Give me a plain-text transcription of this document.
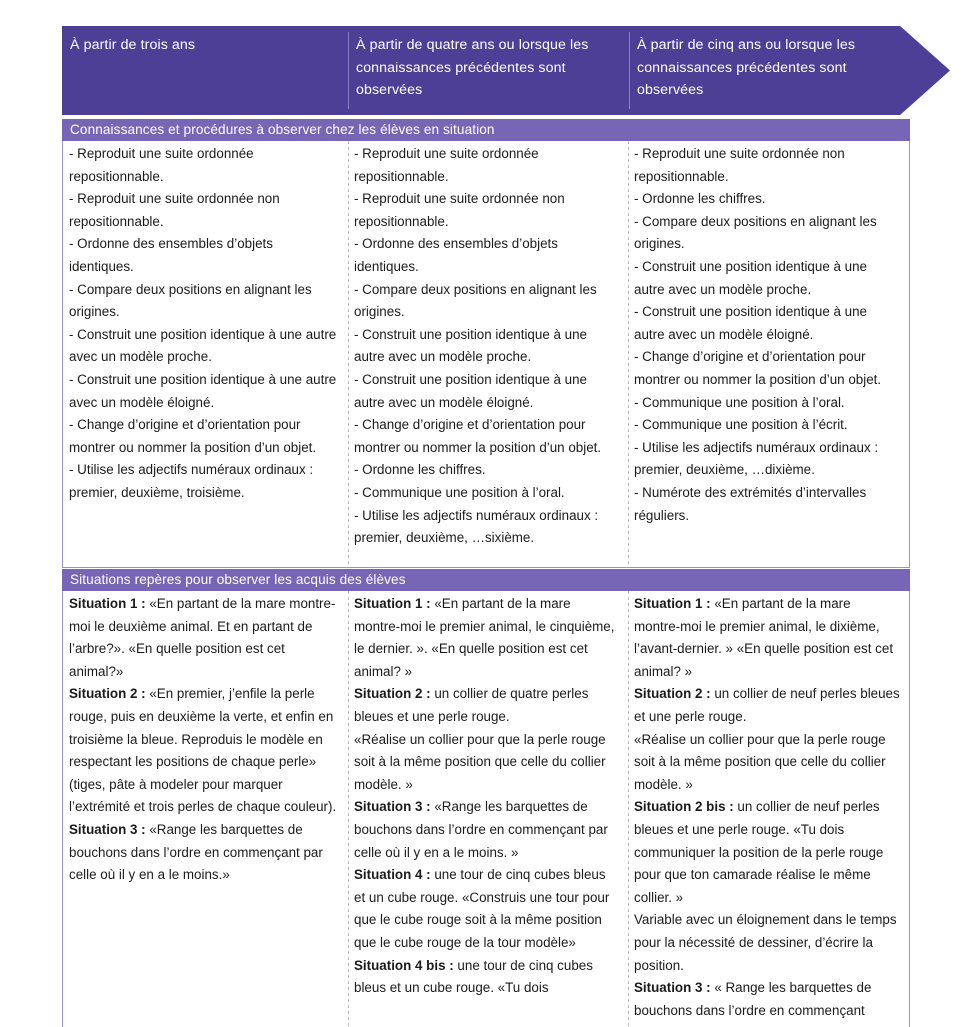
À partir de trois ans	À partir de quatre ans ou lorsque les connaissances précédentes sont observées
À partir de cinq ans ou lorsque les connaissances précédentes sont observées
Connaissances et procédures à observer chez les élèves en situation

- Reproduit une suite ordonnée repositionnable.

- Reproduit une suite ordonnée non repositionnable.

- Ordonne des ensembles d’objets identiques.

- Compare deux positions en alignant les origines.

- Construit une position identique à une autre avec un modèle proche.

- Construit une position identique à une autre avec un modèle éloigné.

- Change d’origine et d’orientation pour montrer ou nommer la position d’un objet.

- Utilise les adjectifs numéraux ordinaux : premier, deuxième, troisième.

- Reproduit une suite ordonnée repositionnable.

- Reproduit une suite ordonnée non repositionnable.

- Ordonne des ensembles d’objets identiques.

- Compare deux positions en alignant les origines.

- Construit une position identique à une autre avec un modèle proche.

- Construit une position identique à une autre avec un modèle éloigné.

- Change d’origine et d’orientation pour montrer ou nommer la position d’un objet.

- Ordonne les chiffres.

- Communique une position à l’oral.

- Utilise les adjectifs numéraux ordinaux : premier, deuxième, …sixième.

- Reproduit une suite ordonnée non repositionnable.

- Ordonne les chiffres.

- Compare deux positions en alignant les origines.

- Construit une position identique à une autre avec un modèle proche.

- Construit une position identique à une autre avec un modèle éloigné.

- Change d’origine et d’orientation pour montrer ou nommer la position d’un objet.

- Communique une position à l’oral.

- Communique une position à l’écrit.

- Utilise les adjectifs numéraux ordinaux : premier, deuxième, …dixième.

- Numérote des extrémités d’intervalles réguliers.

Situations repères pour observer les acquis des élèves

Situation 1 : «En partant de la mare montre-moi le deuxième animal. Et en partant de l’arbre?». «En quelle position est cet animal?»

Situation 2 : «En premier, j’enfile la perle rouge, puis en deuxième la verte, et enfin en troisième la bleue. Reproduis le modèle en respectant les positions de chaque perle» (tiges, pâte à modeler pour marquer l’extrémité et trois perles de chaque couleur).

Situation 3 : «Range les barquettes de bouchons dans l’ordre en commençant par celle où il y en a le moins.»

Situation 1 : «En partant de la mare montre-moi le premier animal, le cinquième, le dernier. ». «En quelle position est cet animal? »

Situation 2 : un collier de quatre perles bleues et une perle rouge.

«Réalise un collier pour que la perle rouge soit à la même position que celle du collier modèle. »

Situation 3 : «Range les barquettes de bouchons dans l’ordre en commençant par celle où il y en a le moins. »

Situation 4 : une tour de cinq cubes bleus et un cube rouge. «Construis une tour pour que le cube rouge soit à la même position que le cube rouge de la tour modèle»

Situation 4 bis : une tour de cinq cubes bleus et un cube rouge. «Tu dois

Situation 1 : «En partant de la mare montre-moi le premier animal, le dixième, l’avant-dernier. » «En quelle position est cet animal? »

Situation 2 : un collier de neuf perles bleues et une perle rouge.

«Réalise un collier pour que la perle rouge soit à la même position que celle du collier modèle. »

Situation 2 bis : un collier de neuf perles bleues et une perle rouge. «Tu dois communiquer la position de la perle rouge pour que ton camarade réalise le même collier. »

Variable avec un éloignement dans le temps pour la nécessité de dessiner, d’écrire la position.

Situation 3 : « Range les barquettes de bouchons dans l’ordre en commençant
